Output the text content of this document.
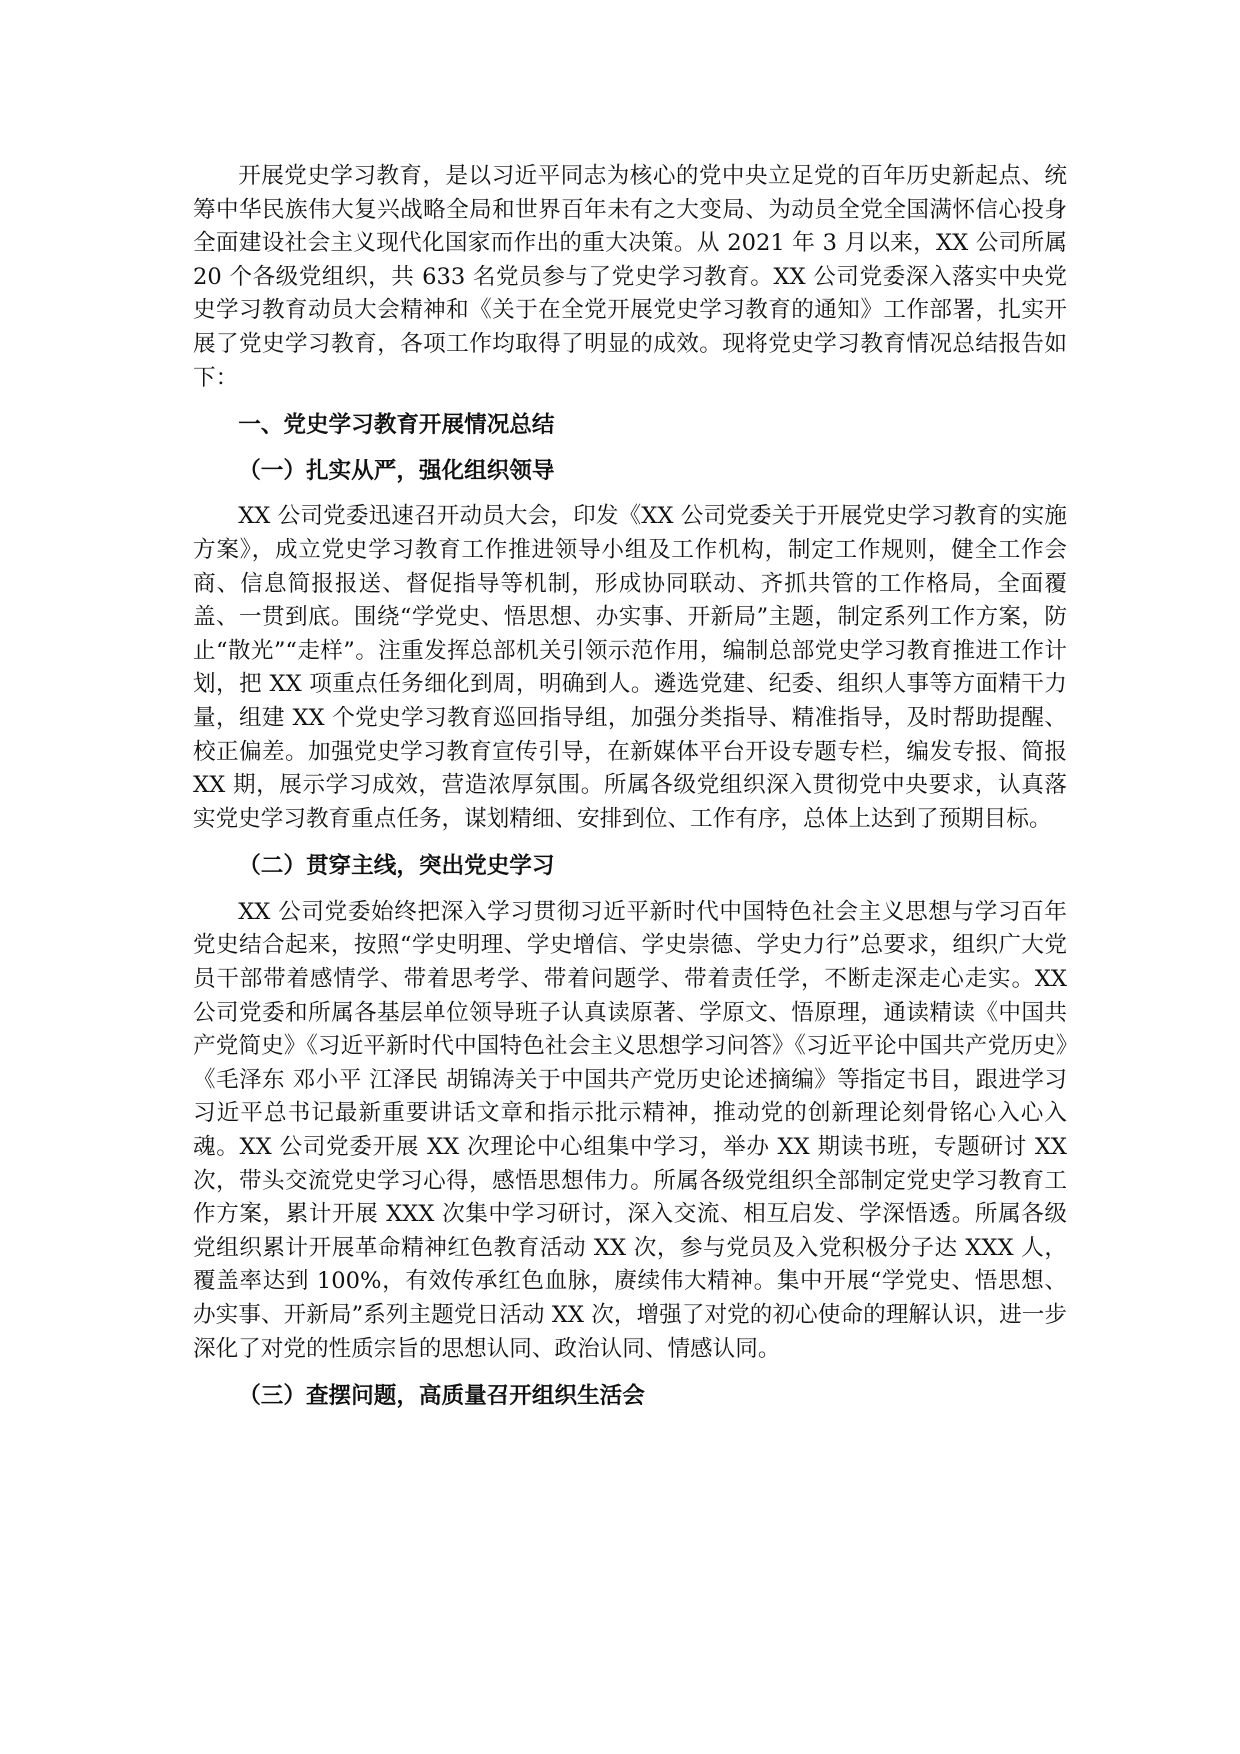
开展党史学习教育，是以习近平同志为核心的党中央立足党的百年历史新起点、统筹中华民族伟大复兴战略全局和世界百年未有之大变局、为动员全党全国满怀信心投身全面建设社会主义现代化国家而作出的重大决策。从 2021 年 3 月以来，XX 公司所属 20 个各级党组织，共 633 名党员参与了党史学习教育。XX 公司党委深入落实中央党史学习教育动员大会精神和《关于在全党开展党史学习教育的通知》工作部署，扎实开展了党史学习教育，各项工作均取得了明显的成效。现将党史学习教育情况总结报告如下：

一、党史学习教育开展情况总结

（一）扎实从严，强化组织领导

XX 公司党委迅速召开动员大会，印发《XX 公司党委关于开展党史学习教育的实施方案》，成立党史学习教育工作推进领导小组及工作机构，制定工作规则，健全工作会商、信息简报报送、督促指导等机制，形成协同联动、齐抓共管的工作格局，全面覆盖、一贯到底。围绕“学党史、悟思想、办实事、开新局”主题，制定系列工作方案，防止“散光”“走样”。注重发挥总部机关引领示范作用，编制总部党史学习教育推进工作计划，把 XX 项重点任务细化到周，明确到人。遴选党建、纪委、组织人事等方面精干力量，组建 XX 个党史学习教育巡回指导组，加强分类指导、精准指导，及时帮助提醒、校正偏差。加强党史学习教育宣传引导，在新媒体平台开设专题专栏，编发专报、简报 XX 期，展示学习成效，营造浓厚氛围。所属各级党组织深入贯彻党中央要求，认真落实党史学习教育重点任务，谋划精细、安排到位、工作有序，总体上达到了预期目标。

（二）贯穿主线，突出党史学习

XX 公司党委始终把深入学习贯彻习近平新时代中国特色社会主义思想与学习百年党史结合起来，按照“学史明理、学史增信、学史崇德、学史力行”总要求，组织广大党员干部带着感情学、带着思考学、带着问题学、带着责任学，不断走深走心走实。XX 公司党委和所属各基层单位领导班子认真读原著、学原文、悟原理，通读精读《中国共产党简史》《习近平新时代中国特色社会主义思想学习问答》《习近平论中国共产党历史》《毛泽东 邓小平 江泽民 胡锦涛关于中国共产党历史论述摘编》等指定书目，跟进学习习近平总书记最新重要讲话文章和指示批示精神，推动党的创新理论刻骨铭心入心入魂。XX 公司党委开展 XX 次理论中心组集中学习，举办 XX 期读书班，专题研讨 XX 次，带头交流党史学习心得，感悟思想伟力。所属各级党组织全部制定党史学习教育工作方案，累计开展 XXX 次集中学习研讨，深入交流、相互启发、学深悟透。所属各级党组织累计开展革命精神红色教育活动 XX 次，参与党员及入党积极分子达 XXX 人，覆盖率达到 100%，有效传承红色血脉，赓续伟大精神。集中开展“学党史、悟思想、办实事、开新局”系列主题党日活动 XX 次，增强了对党的初心使命的理解认识，进一步深化了对党的性质宗旨的思想认同、政治认同、情感认同。

（三）查摆问题，高质量召开组织生活会
